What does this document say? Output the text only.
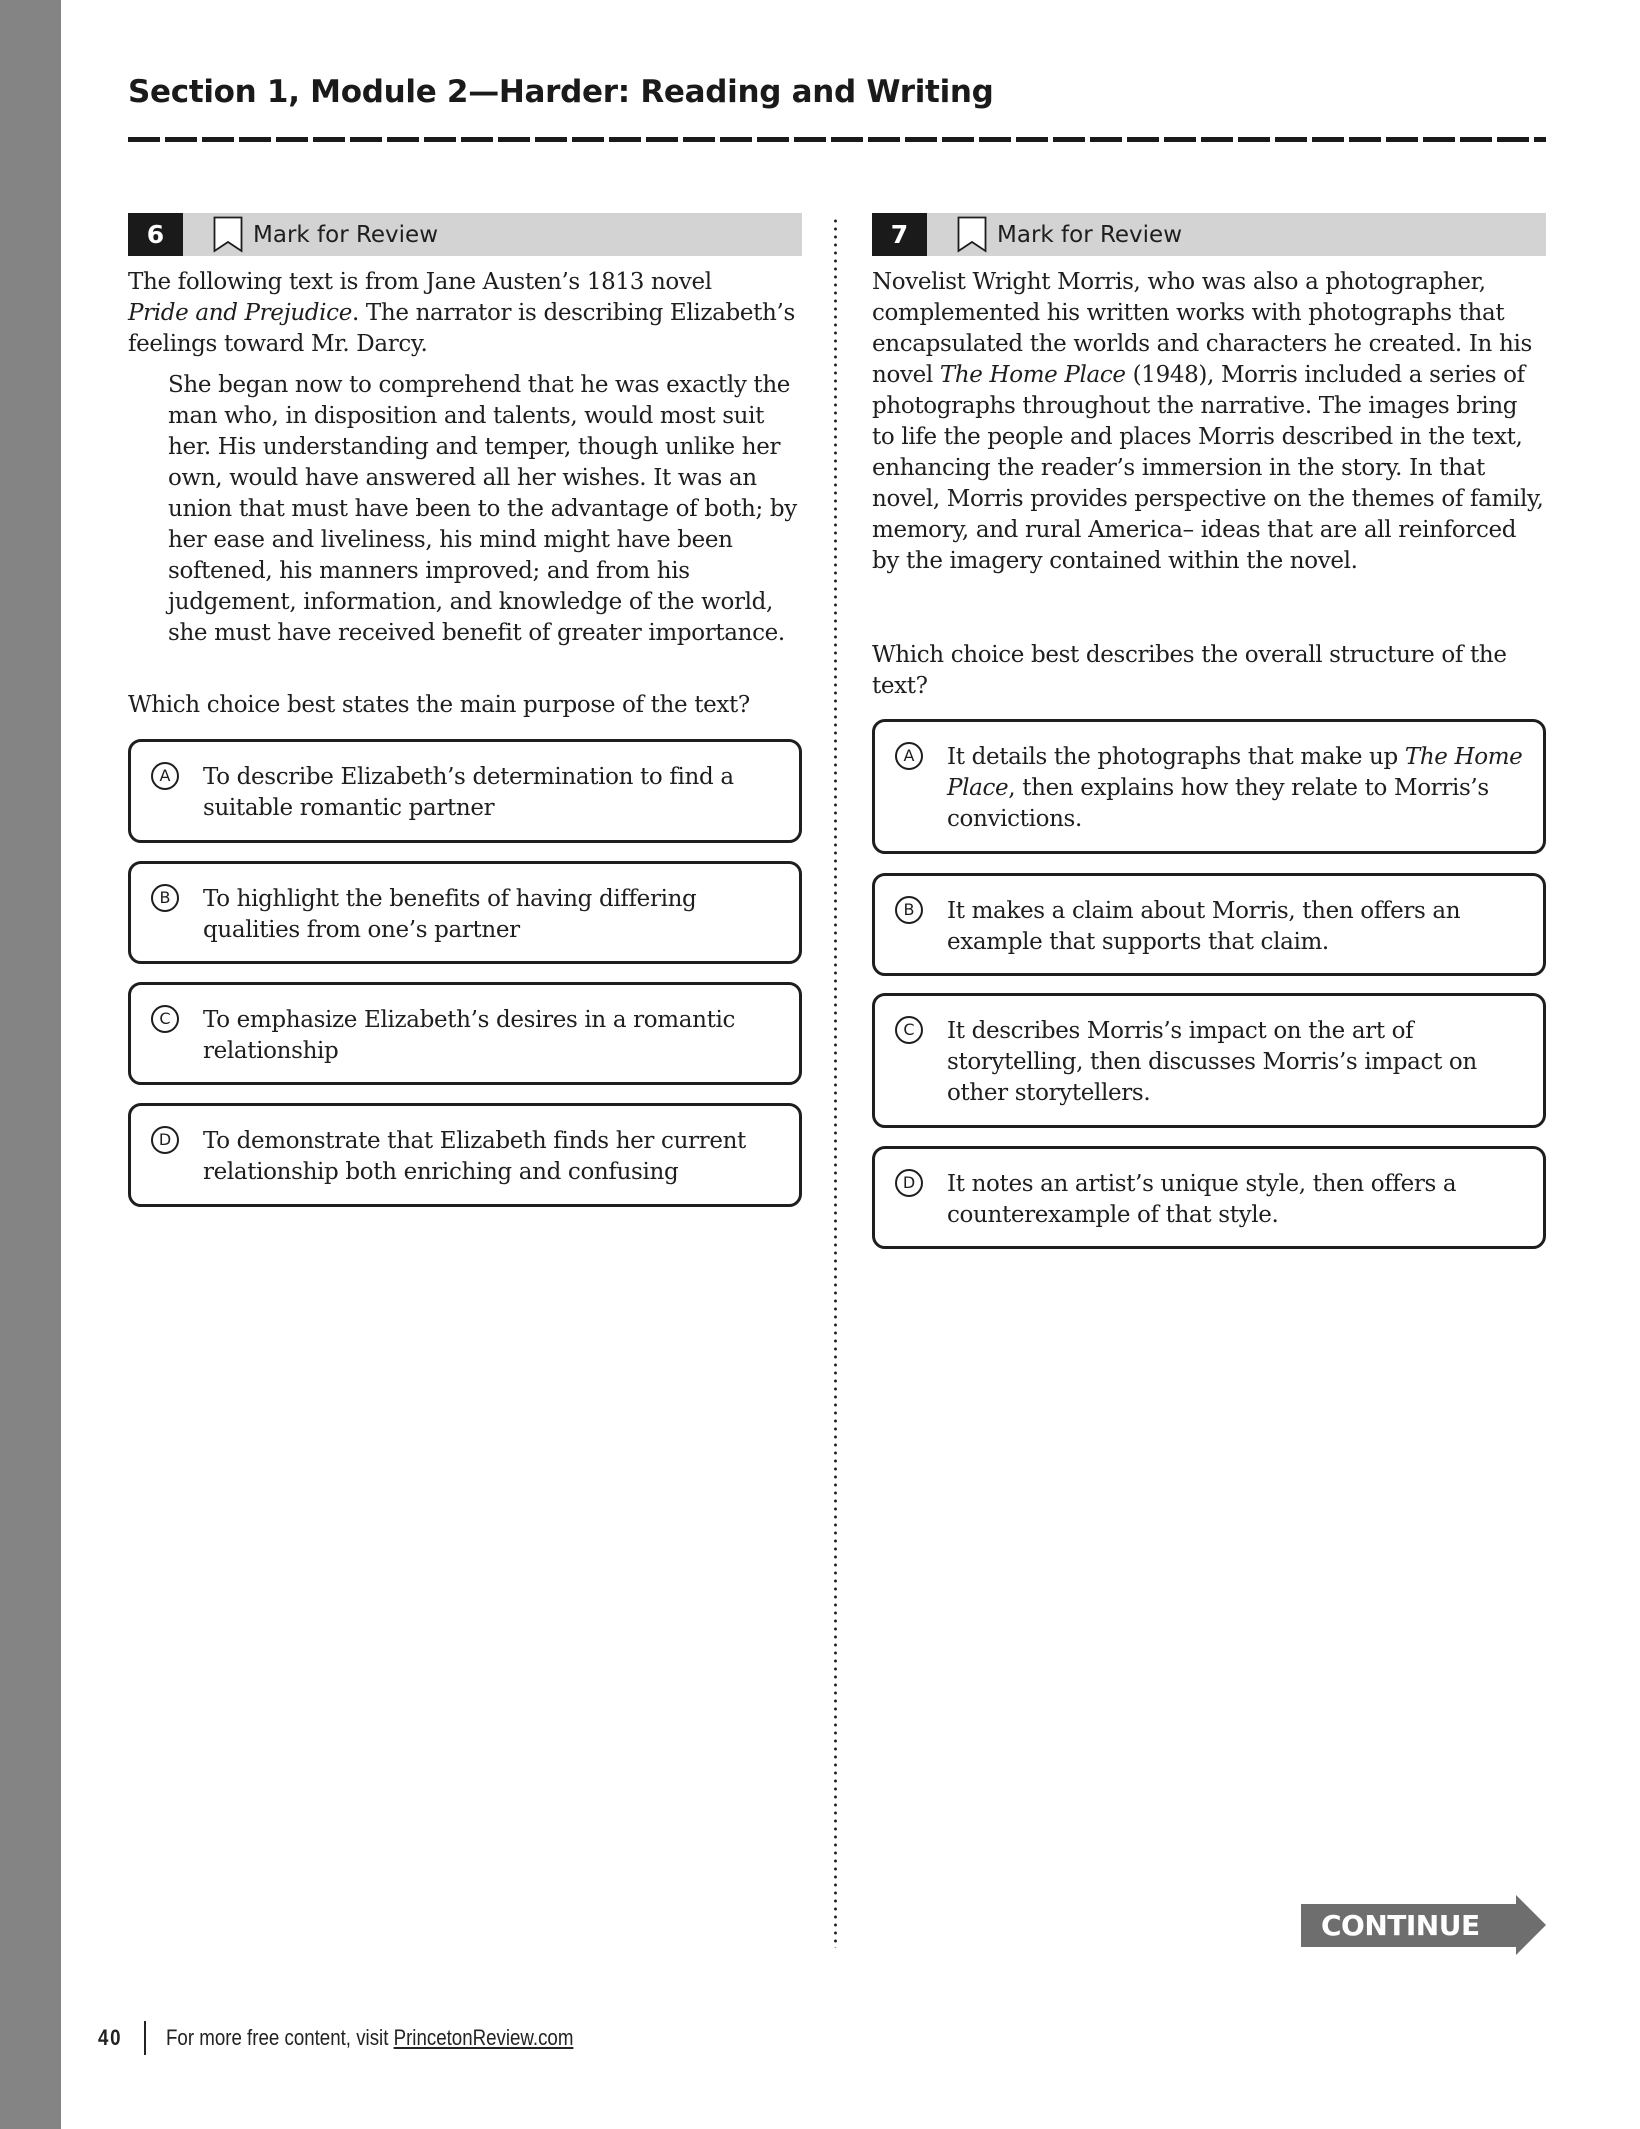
Section 1, Module 2—Harder: Reading and Writing
6	Mark for Review

The following text is from Jane Austen’s 1813 novel
Pride and Prejudice. The narrator is describing Elizabeth’s feelings toward Mr. Darcy.

She began now to comprehend that he was exactly the man who, in disposition and talents, would most suit her. His understanding and temper, though unlike her own, would have answered all her wishes. It was an union that must have been to the advantage of both; by her ease and liveliness, his mind might have been softened, his manners improved; and from his judgement, information, and knowledge of the world, she must have received benefit of greater importance.

Which choice best states the main purpose of the text?

A	To describe Elizabeth’s determination to find a suitable romantic partner
B	To highlight the benefits of having differing qualities from one’s partner
C	To emphasize Elizabeth’s desires in a romantic relationship
D	To demonstrate that Elizabeth finds her current relationship both enriching and confusing
7	Mark for Review

Novelist Wright Morris, who was also a photographer, complemented his written works with photographs that encapsulated the worlds and characters he created. In his novel The Home Place (1948), Morris included a series of photographs throughout the narrative. The images bring to life the people and places Morris described in the text, enhancing the reader’s immersion in the story. In that novel, Morris provides perspective on the themes of family, memory, and rural America– ideas that are all reinforced by the imagery contained within the novel.

Which choice best describes the overall structure of the text?

A	It details the photographs that make up The Home Place, then explains how they relate to Morris’s convictions.
B	It makes a claim about Morris, then offers an example that supports that claim.
C	It describes Morris’s impact on the art of storytelling, then discusses Morris’s impact on other storytellers.
D	It notes an artist’s unique style, then offers a counterexample of that style.
CONTINUE
40	For more free content, visit PrincetonReview.com
